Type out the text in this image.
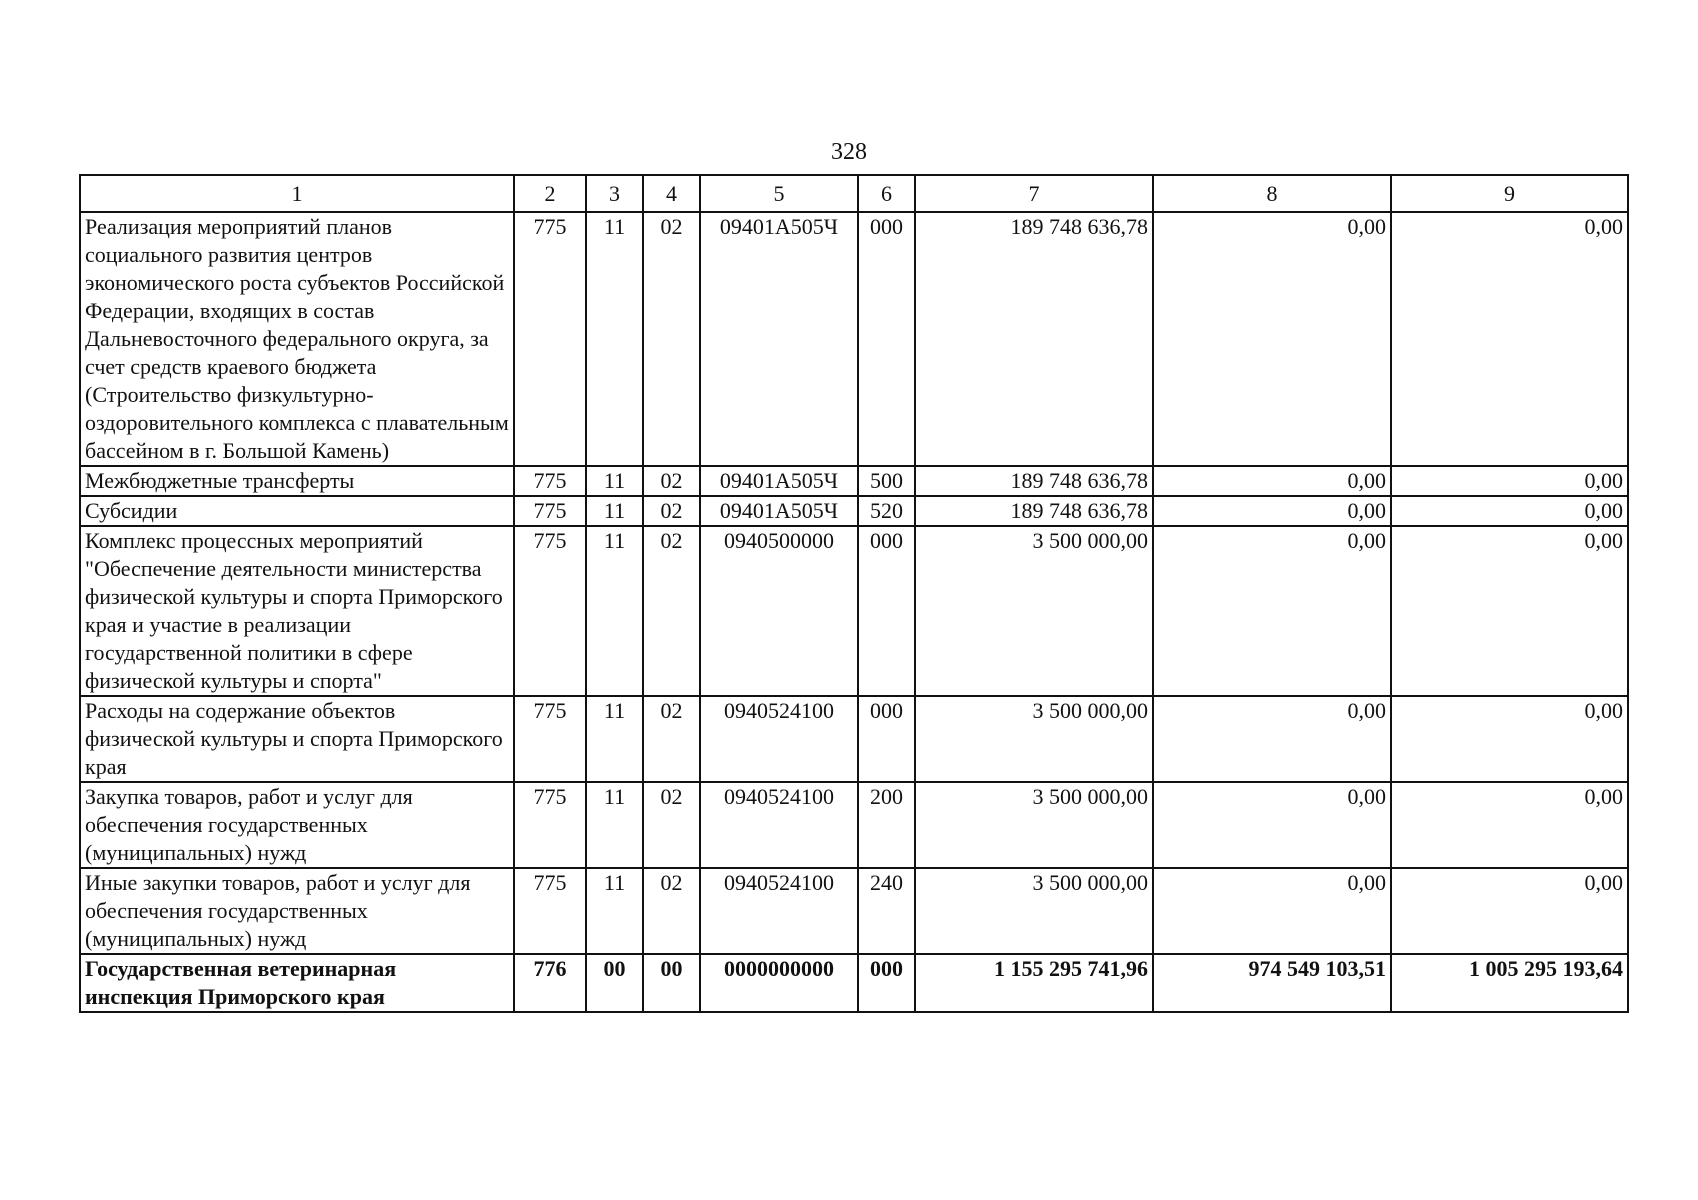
328
1	2	3	4	5	6	7	8	9
Реализация мероприятий планов социального развития центров экономического роста субъектов Российской Федерации, входящих в состав Дальневосточного федерального округа, за счет средств краевого бюджета (Строительство физкультурно-оздоровительного комплекса с плавательным бассейном в г. Большой Камень)	775	11	02	09401А505Ч	000	189 748 636,78	0,00	0,00
Межбюджетные трансферты	775	11	02	09401А505Ч	500	189 748 636,78	0,00	0,00
Субсидии	775	11	02	09401А505Ч	520	189 748 636,78	0,00	0,00
Комплекс процессных мероприятий "Обеспечение деятельности министерства физической культуры и спорта Приморского края и участие в реализации государственной политики в сфере физической культуры и спорта"	775	11	02	0940500000	000	3 500 000,00	0,00	0,00
Расходы на содержание объектов физической культуры и спорта Приморского края	775	11	02	0940524100	000	3 500 000,00	0,00	0,00
Закупка товаров, работ и услуг для обеспечения государственных (муниципальных) нужд	775	11	02	0940524100	200	3 500 000,00	0,00	0,00
Иные закупки товаров, работ и услуг для обеспечения государственных (муниципальных) нужд	775	11	02	0940524100	240	3 500 000,00	0,00	0,00
Государственная ветеринарная инспекция Приморского края	776	00	00	0000000000	000	1 155 295 741,96	974 549 103,51	1 005 295 193,64
